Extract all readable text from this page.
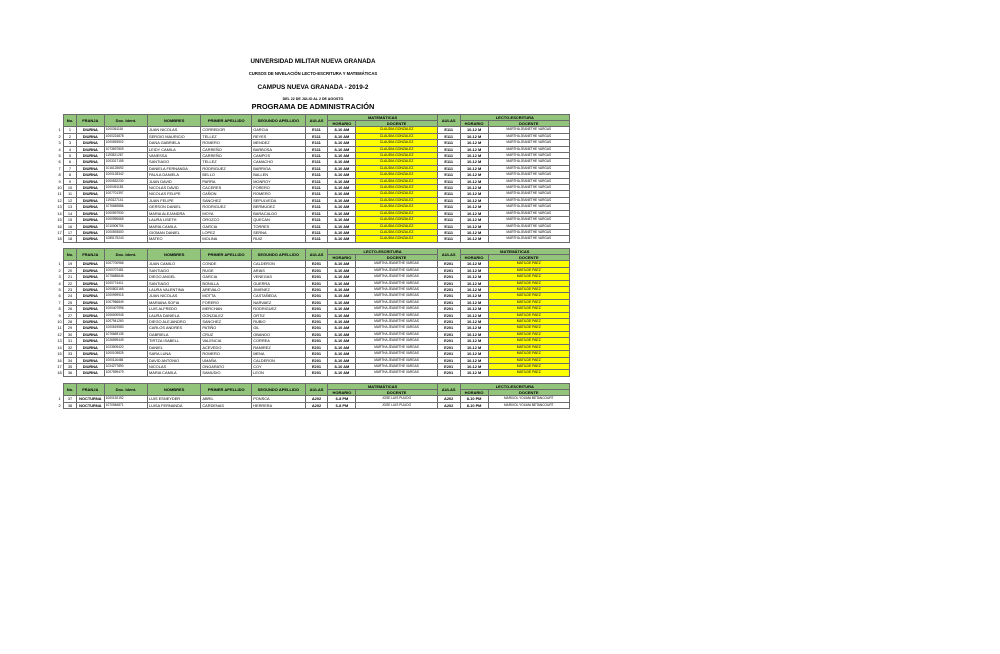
UNIVERSIDAD MILITAR NUEVA GRANADA
CURSOS DE NIVELACIÓN LECTO-ESCRITURA Y MATEMÁTICAS
CAMPUS NUEVA GRANADA - 2019-2
DEL 22 DE JULIO AL 2 DE AGOSTO
PROGRAMA DE ADMINISTRACIÓN
	No.	FRANJA	Doc. Ident.	NOMBRES	PRIMER APELLIDO	SEGUNDO APELLIDO	AULAS	MATEMÁTICAS		AULAS	LECTO-ESCRITURA	
								HORARIO	DOCENTE		HORARIO	DOCENTE
1	1	DIURNA	1000361116	JUAN NICOLAS	CORREDOR	GARCIA	E111	8-10 AM	CLAUDIA GONZALEZ	E111	10-12 M	MARTHA JEANETHE VARGAS
2	2	DIURNA	1000224878	SERGIO MAURICIO	TELLEZ	REYES	E111	8-10 AM	CLAUDIA GONZALEZ	E111	10-12 M	MARTHA JEANETHE VARGAS
3	3	DIURNA	1000693502	DANA GABRIELA	ROMERO	MENDEZ	E111	8-10 AM	CLAUDIA GONZALEZ	E111	10-12 M	MARTHA JEANETHE VARGAS
4	4	DIURNA	1073697809	LEIDY CAMILA	CARREÑO	BARBOSA	E111	8-10 AM	CLAUDIA GONZALEZ	E111	10-12 M	MARTHA JEANETHE VARGAS
5	5	DIURNA	1193521267	VANESSA	CARREÑO	CAMPOS	E111	8-10 AM	CLAUDIA GONZALEZ	E111	10-12 M	MARTHA JEANETHE VARGAS
6	6	DIURNA	1003317155	SANTIAGO	TELLEZ	CAMACHO	E111	8-10 AM	CLAUDIA GONZALEZ	E111	10-12 M	MARTHA JEANETHE VARGAS
7	7	DIURNA	1016125692	DANIELA FERNANDA	RODRIGUEZ	BARRIGA	E111	8-10 AM	CLAUDIA GONZALEZ	E111	10-12 M	MARTHA JEANETHE VARGAS
8	8	DIURNA	1000128342	PAULA DANIELA	BELLO	BALLEN	E111	8-10 AM	CLAUDIA GONZALEZ	E111	10-12 M	MARTHA JEANETHE VARGAS
9	9	DIURNA	1000832230	JUAN DAVID	PARRA	MONROY	E111	8-10 AM	CLAUDIA GONZALEZ	E111	10-12 M	MARTHA JEANETHE VARGAS
10	10	DIURNA	1000491183	NICOLAS DAVID	CACERES	FORERO	E111	8-10 AM	CLAUDIA GONZALEZ	E111	10-12 M	MARTHA JEANETHE VARGAS
11	11	DIURNA	1007701397	NICOLAS FELIPE	CAÑON	ROMERO	E111	8-10 AM	CLAUDIA GONZALEZ	E111	10-12 M	MARTHA JEANETHE VARGAS
12	12	DIURNA	1193127141	JUAN FELIPE	SANCHEZ	SEPULVEDA	E111	8-10 AM	CLAUDIA GONZALEZ	E111	10-12 M	MARTHA JEANETHE VARGAS
13	13	DIURNA	1076669886	GERSON DANIEL	RODRIGUEZ	BERMUDEZ	E111	8-10 AM	CLAUDIA GONZALEZ	E111	10-12 M	MARTHA JEANETHE VARGAS
14	14	DIURNA	1000597930	MARIA ALEJANDRA	MOYA	BARACALDO	E111	8-10 AM	CLAUDIA GONZALEZ	E111	10-12 M	MARTHA JEANETHE VARGAS
15	15	DIURNA	1000990665	LAURA LISETH	OROZCO	QUECAN	E111	8-10 AM	CLAUDIA GONZALEZ	E111	10-12 M	MARTHA JEANETHE VARGAS
16	16	DIURNA	1010006704	MARIA CAMILA	GARCIA	TORRES	E111	8-10 AM	CLAUDIA GONZALEZ	E111	10-12 M	MARTHA JEANETHE VARGAS
17	17	DIURNA	1000593600	GIOMAN DANIEL	LOPEZ	SERNA	E111	8-10 AM	CLAUDIA GONZALEZ	E111	10-12 M	MARTHA JEANETHE VARGAS
18	18	DIURNA	1085175243	MATEO	MOLINA	RUIZ	E111	8-10 AM	CLAUDIA GONZALEZ	E111	10-12 M	MARTHA JEANETHE VARGAS
	No.	FRANJA	Doc. Ident.	NOMBRES	PRIMER APELLIDO	SEGUNDO APELLIDO	AULAS	LECTO-ESCRITURA		AULAS	MATEMÁTICAS	
								HORARIO	DOCENTE		HORARIO	DOCENTE
1	19	DIURNA	1007700966	JUAN CAMILO	CONDE	CALDERON	E201	8-10 AM	MARTHA JEANETHE VARGAS	E201	10-12 M	MATILDE PAEZ
2	20	DIURNA	1000707481	SANTIAGO	RUGE	ARIAS	E201	8-10 AM	MARTHA JEANETHE VARGAS	E201	10-12 M	MATILDE PAEZ
3	21	DIURNA	1075685846	DIEGO ANGEL	GARCIA	VENEGAS	E201	8-10 AM	MARTHA JEANETHE VARGAS	E201	10-12 M	MATILDE PAEZ
4	22	DIURNA	1000774411	SANTIAGO	BONILLA	GUERRA	E201	8-10 AM	MARTHA JEANETHE VARGAS	E201	10-12 M	MATILDE PAEZ
5	23	DIURNA	1000802165	LAURA VALENTINA	AREVALO	JIMENEZ	E201	8-10 AM	MARTHA JEANETHE VARGAS	E201	10-12 M	MATILDE PAEZ
6	24	DIURNA	1000999915	JUAN NICOLAS	MOTTA	CASTAÑEDA	E201	8-10 AM	MARTHA JEANETHE VARGAS	E201	10-12 M	MATILDE PAEZ
7	25	DIURNA	1007966849	MARIANA SOFIA	FORERO	NARVAEZ	E201	8-10 AM	MARTHA JEANETHE VARGAS	E201	10-12 M	MATILDE PAEZ
8	26	DIURNA	1000407996	LUIS ALFREDO	MERCHAN	RODRIGUEZ	E201	8-10 AM	MARTHA JEANETHE VARGAS	E201	10-12 M	MATILDE PAEZ
9	27	DIURNA	1006000945	LAURA DANIELA	GONZALEZ	ORTIZ	E201	8-10 AM	MARTHA JEANETHE VARGAS	E201	10-12 M	MATILDE PAEZ
10	28	DIURNA	1007941260	DIEGO ALEJANDRO	SANCHEZ	RUBIO	E201	8-10 AM	MARTHA JEANETHE VARGAS	E201	10-12 M	MATILDE PAEZ
11	29	DIURNA	1000619583	CARLOS ANDRES	PATIÑO	GIL	E201	8-10 AM	MARTHA JEANETHE VARGAS	E201	10-12 M	MATILDE PAEZ
12	30	DIURNA	1076669135	GABRIELA	CRUZ	OBANDO	E201	8-10 AM	MARTHA JEANETHE VARGAS	E201	10-12 M	MATILDE PAEZ
13	31	DIURNA	1026599449	TIRTZA ISABELL	VALENCIA	CORREA	E201	8-10 AM	MARTHA JEANETHE VARGAS	E201	10-12 M	MATILDE PAEZ
14	32	DIURNA	1023509420	DANIEL	ACEVEDO	RAMIREZ	E201	8-10 AM	MARTHA JEANETHE VARGAS	E201	10-12 M	MATILDE PAEZ
15	33	DIURNA	1000109825	SARA LUNA	ROMERO	MENA	E201	8-10 AM	MARTHA JEANETHE VARGAS	E201	10-12 M	MATILDE PAEZ
16	34	DIURNA	1000116465	DAVID ANTONIO	UMAÑA	CALDERON	E201	8-10 AM	MARTHA JEANETHE VARGAS	E201	10-12 M	MATILDE PAEZ
17	35	DIURNA	1024277890	NICOLAS	ONGARATO	COY	E201	8-10 AM	MARTHA JEANETHE VARGAS	E201	10-12 M	MATILDE PAEZ
18	36	DIURNA	1007599479	MARIA CAMILA	SAMUDIO	LEON	E201	8-10 AM	MARTHA JEANETHE VARGAS	E201	10-12 M	MATILDE PAEZ
	No.	FRANJA	Doc. Ident.	NOMBRES	PRIMER APELLIDO	SEGUNDO APELLIDO	AULAS	MATEMÁTICAS		AULAS	LECTO-ESCRITURA	
								HORARIO	DOCENTE		HORARIO	DOCENTE
1	37	NOCTURNA	1000192192	LUIS ESNEYDER	ABRIL	PONSCA	A202	6-8 PM	JOSE LUIS PULIDO	A202	8-10 PM	MARIXOL YOLIMA BETANCOURT
2	38	NOCTURNA	1070946871	LUISA FERNANDA	CARDENAS	HERRERA	A202	6-8 PM	JOSE LUIS PULIDO	A202	8-10 PM	MARIXOL YOLIMA BETANCOURT
